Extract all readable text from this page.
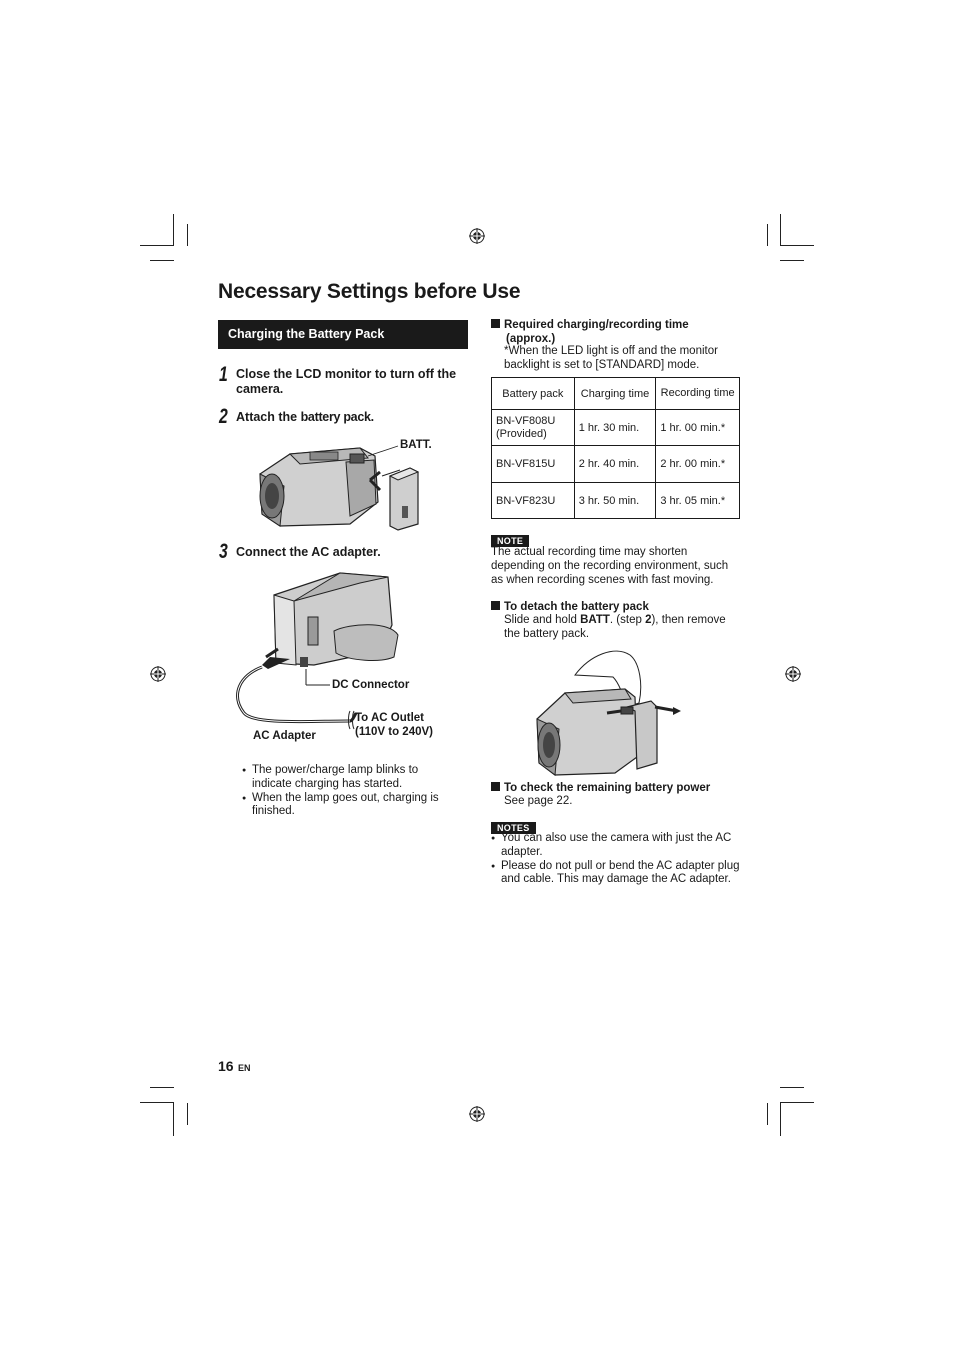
Necessary Settings before Use
Charging the Battery Pack
1 Close the LCD monitor to turn off the camera.
2 Attach the battery pack.
BATT.
3 Connect the AC adapter.
DC Connector
To AC Outlet
(110V to 240V)
AC Adapter
● The power/charge lamp blinks to indicate charging has started.
● When the lamp goes out, charging is finished.
Required charging/recording time
(approx.)
*When the LED light is off and the monitor backlight is set to [STANDARD] mode.
Battery pack	Charging time	Recording time
BN-VF808U (Provided)	1 hr. 30 min.	1 hr. 00 min.*
BN-VF815U	2 hr. 40 min.	2 hr. 00 min.*
BN-VF823U	3 hr. 50 min.	3 hr. 05 min.*
NOTE
The actual recording time may shorten depending on the recording environment, such as when recording scenes with fast moving.
To detach the battery pack
Slide and hold BATT. (step 2), then remove the battery pack.
To check the remaining battery power
See page 22.
NOTES
● You can also use the camera with just the AC adapter.
● Please do not pull or bend the AC adapter plug and cable. This may damage the AC adapter.
16 EN
